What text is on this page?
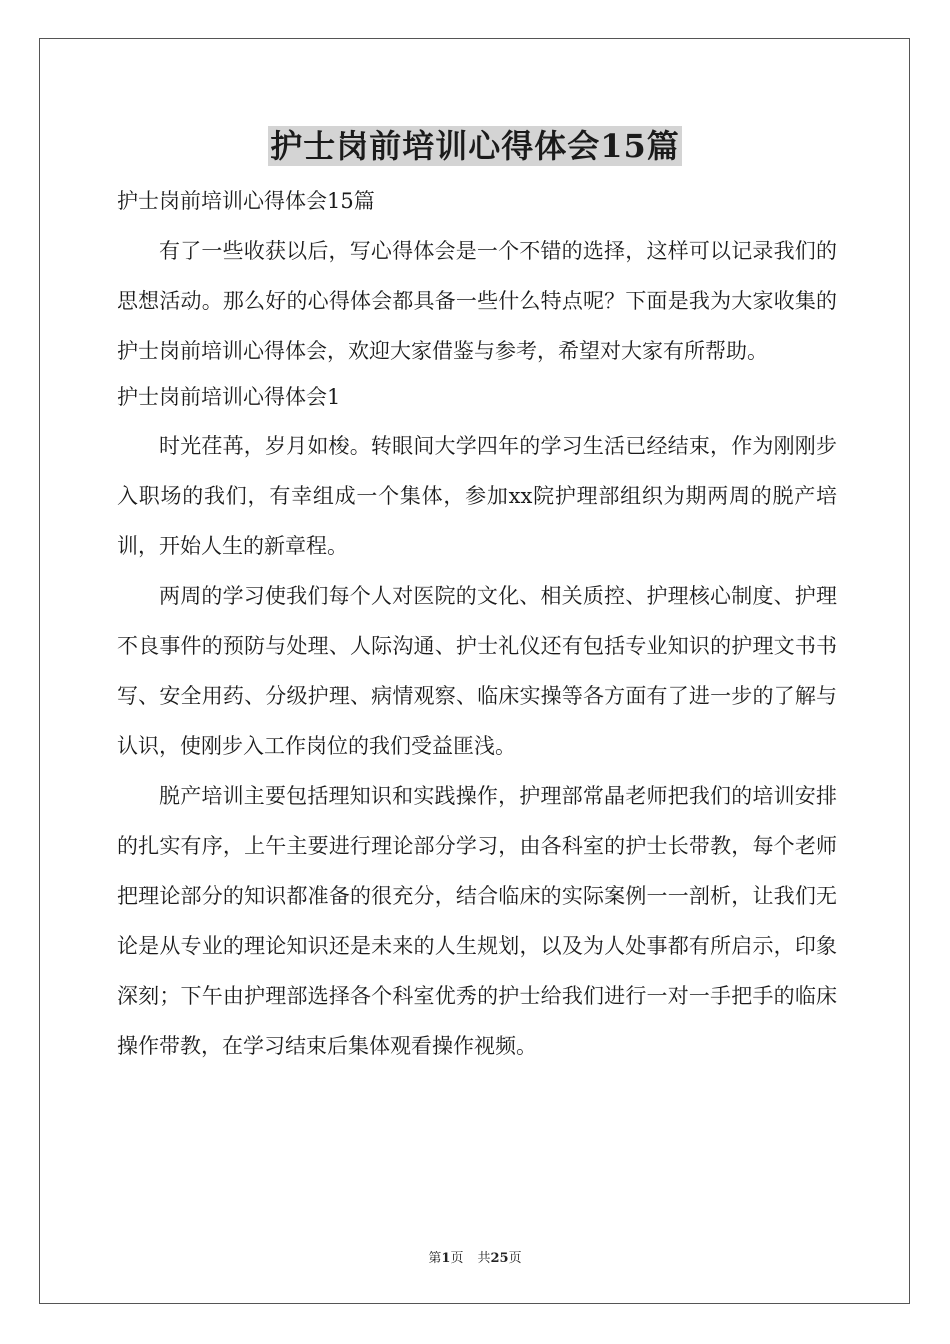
护士岗前培训心得体会15篇

护士岗前培训心得体会15篇

有了一些收获以后，写心得体会是一个不错的选择，这样可以记录我们的思想活动。那么好的心得体会都具备一些什么特点呢？下面是我为大家收集的护士岗前培训心得体会，欢迎大家借鉴与参考，希望对大家有所帮助。

护士岗前培训心得体会1

时光荏苒，岁月如梭。转眼间大学四年的学习生活已经结束，作为刚刚步入职场的我们，有幸组成一个集体，参加xx院护理部组织为期两周的脱产培训，开始人生的新章程。

两周的学习使我们每个人对医院的文化、相关质控、护理核心制度、护理不良事件的预防与处理、人际沟通、护士礼仪还有包括专业知识的护理文书书写、安全用药、分级护理、病情观察、临床实操等各方面有了进一步的了解与认识，使刚步入工作岗位的我们受益匪浅。

脱产培训主要包括理知识和实践操作，护理部常晶老师把我们的培训安排的扎实有序，上午主要进行理论部分学习，由各科室的护士长带教，每个老师把理论部分的知识都准备的很充分，结合临床的实际案例一一剖析，让我们无论是从专业的理论知识还是未来的人生规划，以及为人处事都有所启示，印象深刻；下午由护理部选择各个科室优秀的护士给我们进行一对一手把手的临床操作带教，在学习结束后集体观看操作视频。

第1页 共25页
